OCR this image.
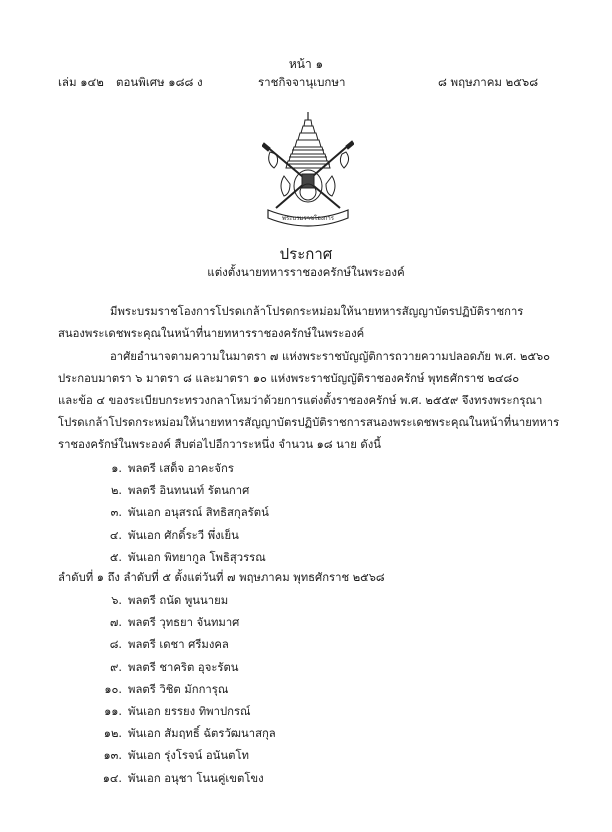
หน้า ๑
เล่ม ๑๔๒ ตอนพิเศษ ๑๘๘ ง	ราชกิจจานุเบกษา	๘ พฤษภาคม ๒๕๖๘
พระบรมราชโองการ
ประกาศ
แต่งตั้งนายทหารราชองครักษ์ในพระองค์
มีพระบรมราชโองการโปรดเกล้าโปรดกระหม่อมให้นายทหารสัญญาบัตรปฏิบัติราชการ
สนองพระเดชพระคุณในหน้าที่นายทหารราชองครักษ์ในพระองค์
อาศัยอำนาจตามความในมาตรา ๗ แห่งพระราชบัญญัติการถวายความปลอดภัย พ.ศ. ๒๕๖๐
ประกอบมาตรา ๖ มาตรา ๘ และมาตรา ๑๐ แห่งพระราชบัญญัติราชองครักษ์ พุทธศักราช ๒๔๘๐
และข้อ ๔ ของระเบียบกระทรวงกลาโหมว่าด้วยการแต่งตั้งราชองครักษ์ พ.ศ. ๒๕๕๙ จึงทรงพระกรุณา
โปรดเกล้าโปรดกระหม่อมให้นายทหารสัญญาบัตรปฏิบัติราชการสนองพระเดชพระคุณในหน้าที่นายทหาร
ราชองครักษ์ในพระองค์ สืบต่อไปอีกวาระหนึ่ง จำนวน ๑๘ นาย ดังนี้
๑. พลตรี เสด็จ อาคะจักร
๒. พลตรี อินทนนท์ รัตนกาศ
๓. พันเอก อนุสรณ์ สิทธิสกุลรัตน์
๔. พันเอก ศักดิ์ระวี พึ่งเย็น
๕. พันเอก พิทยากูล โพธิสุวรรณ
ลำดับที่ ๑ ถึง ลำดับที่ ๕ ตั้งแต่วันที่ ๗ พฤษภาคม พุทธศักราช ๒๕๖๘
๖. พลตรี ถนัด พูนนายม
๗. พลตรี วุทธยา จันทมาศ
๘. พลตรี เดชา ศรีมงคล
๙. พลตรี ชาคริต อุจะรัตน
๑๐. พลตรี วิชิต มักการุณ
๑๑. พันเอก ยรรยง ทิพาปกรณ์
๑๒. พันเอก สัมฤทธิ์ ฉัตรวัฒนาสกุล
๑๓. พันเอก รุ่งโรจน์ อนันตโท
๑๔. พันเอก อนุชา โนนคู่เขตโขง
